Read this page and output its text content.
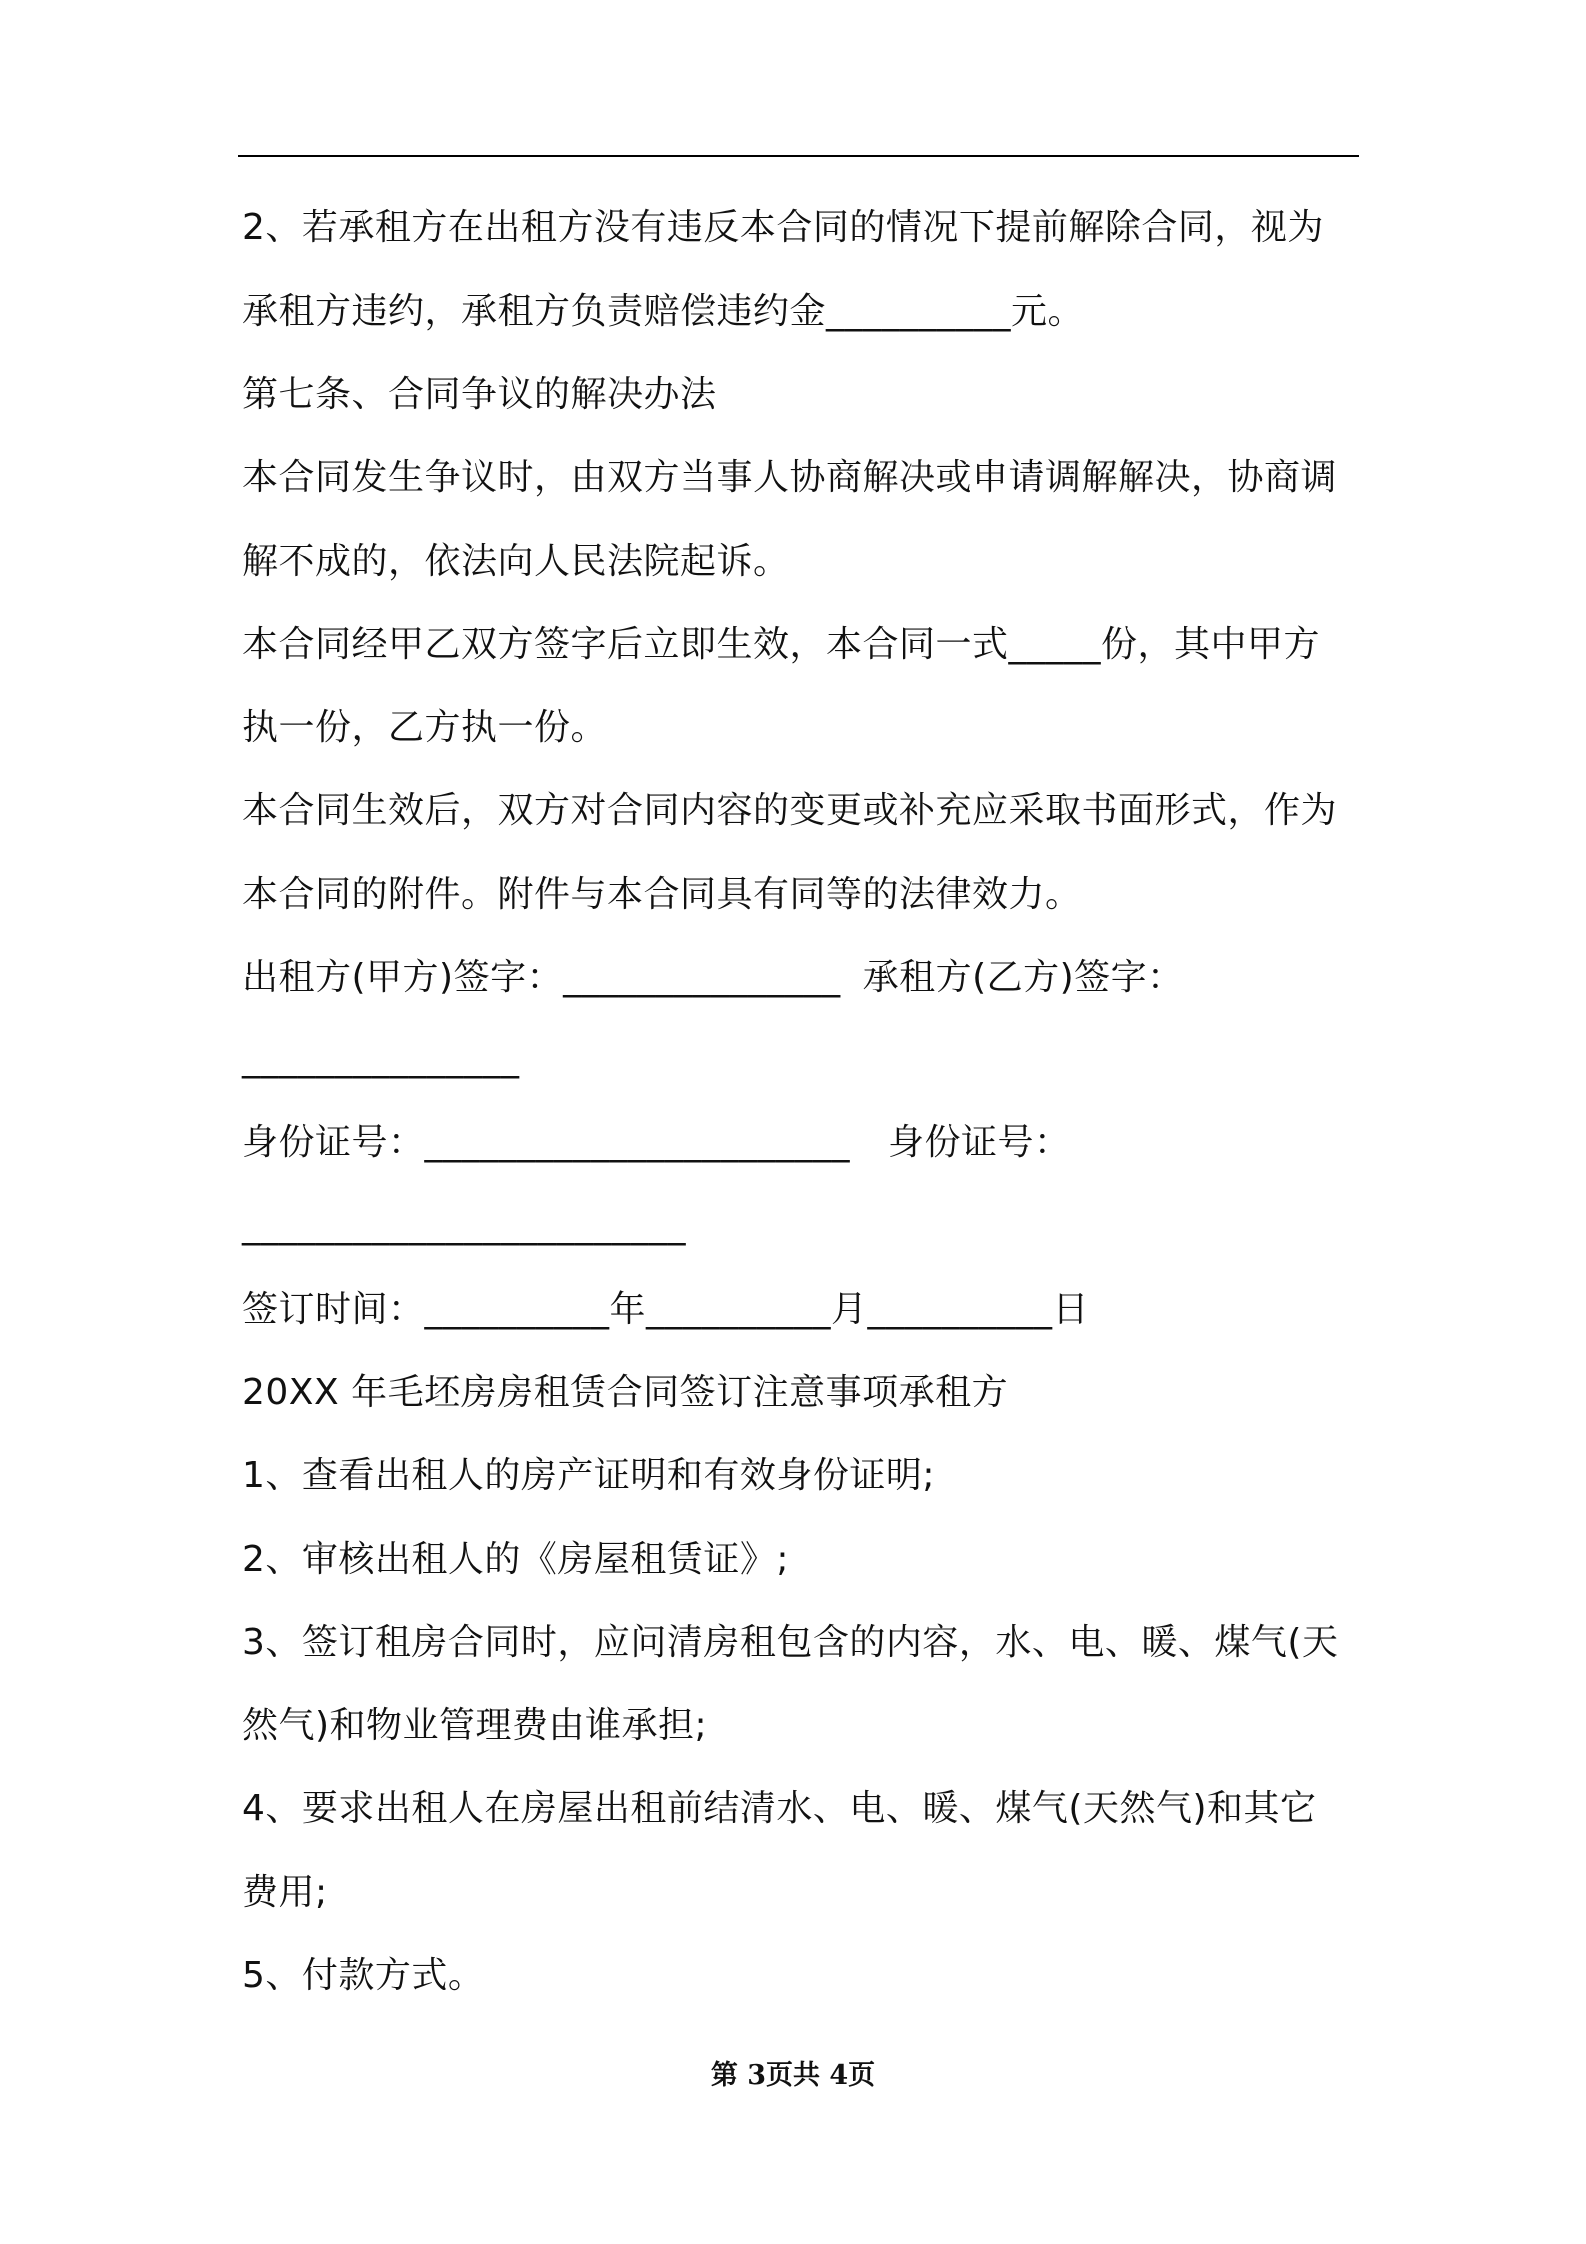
2、若承租方在出租方没有违反本合同的情况下提前解除合同，视为
承租方违约，承租方负责赔偿违约金__________元。
第七条、合同争议的解决办法
本合同发生争议时，由双方当事人协商解决或申请调解解决，协商调
解不成的，依法向人民法院起诉。
本合同经甲乙双方签字后立即生效，本合同一式_____份，其中甲方
执一份，乙方执一份。
本合同生效后，双方对合同内容的变更或补充应采取书面形式，作为
本合同的附件。附件与本合同具有同等的法律效力。
出租方(甲方)签字：_______________ 承租方(乙方)签字：
_______________
身份证号：_______________________ 身份证号：
________________________
签订时间：__________年__________月__________日
20XX 年毛坯房房租赁合同签订注意事项承租方
1、查看出租人的房产证明和有效身份证明;
2、审核出租人的《房屋租赁证》;
3、签订租房合同时，应问清房租包含的内容，水、电、暖、煤气(天
然气)和物业管理费由谁承担;
4、要求出租人在房屋出租前结清水、电、暖、煤气(天然气)和其它
费用;
5、付款方式。
第 3页共 4页
